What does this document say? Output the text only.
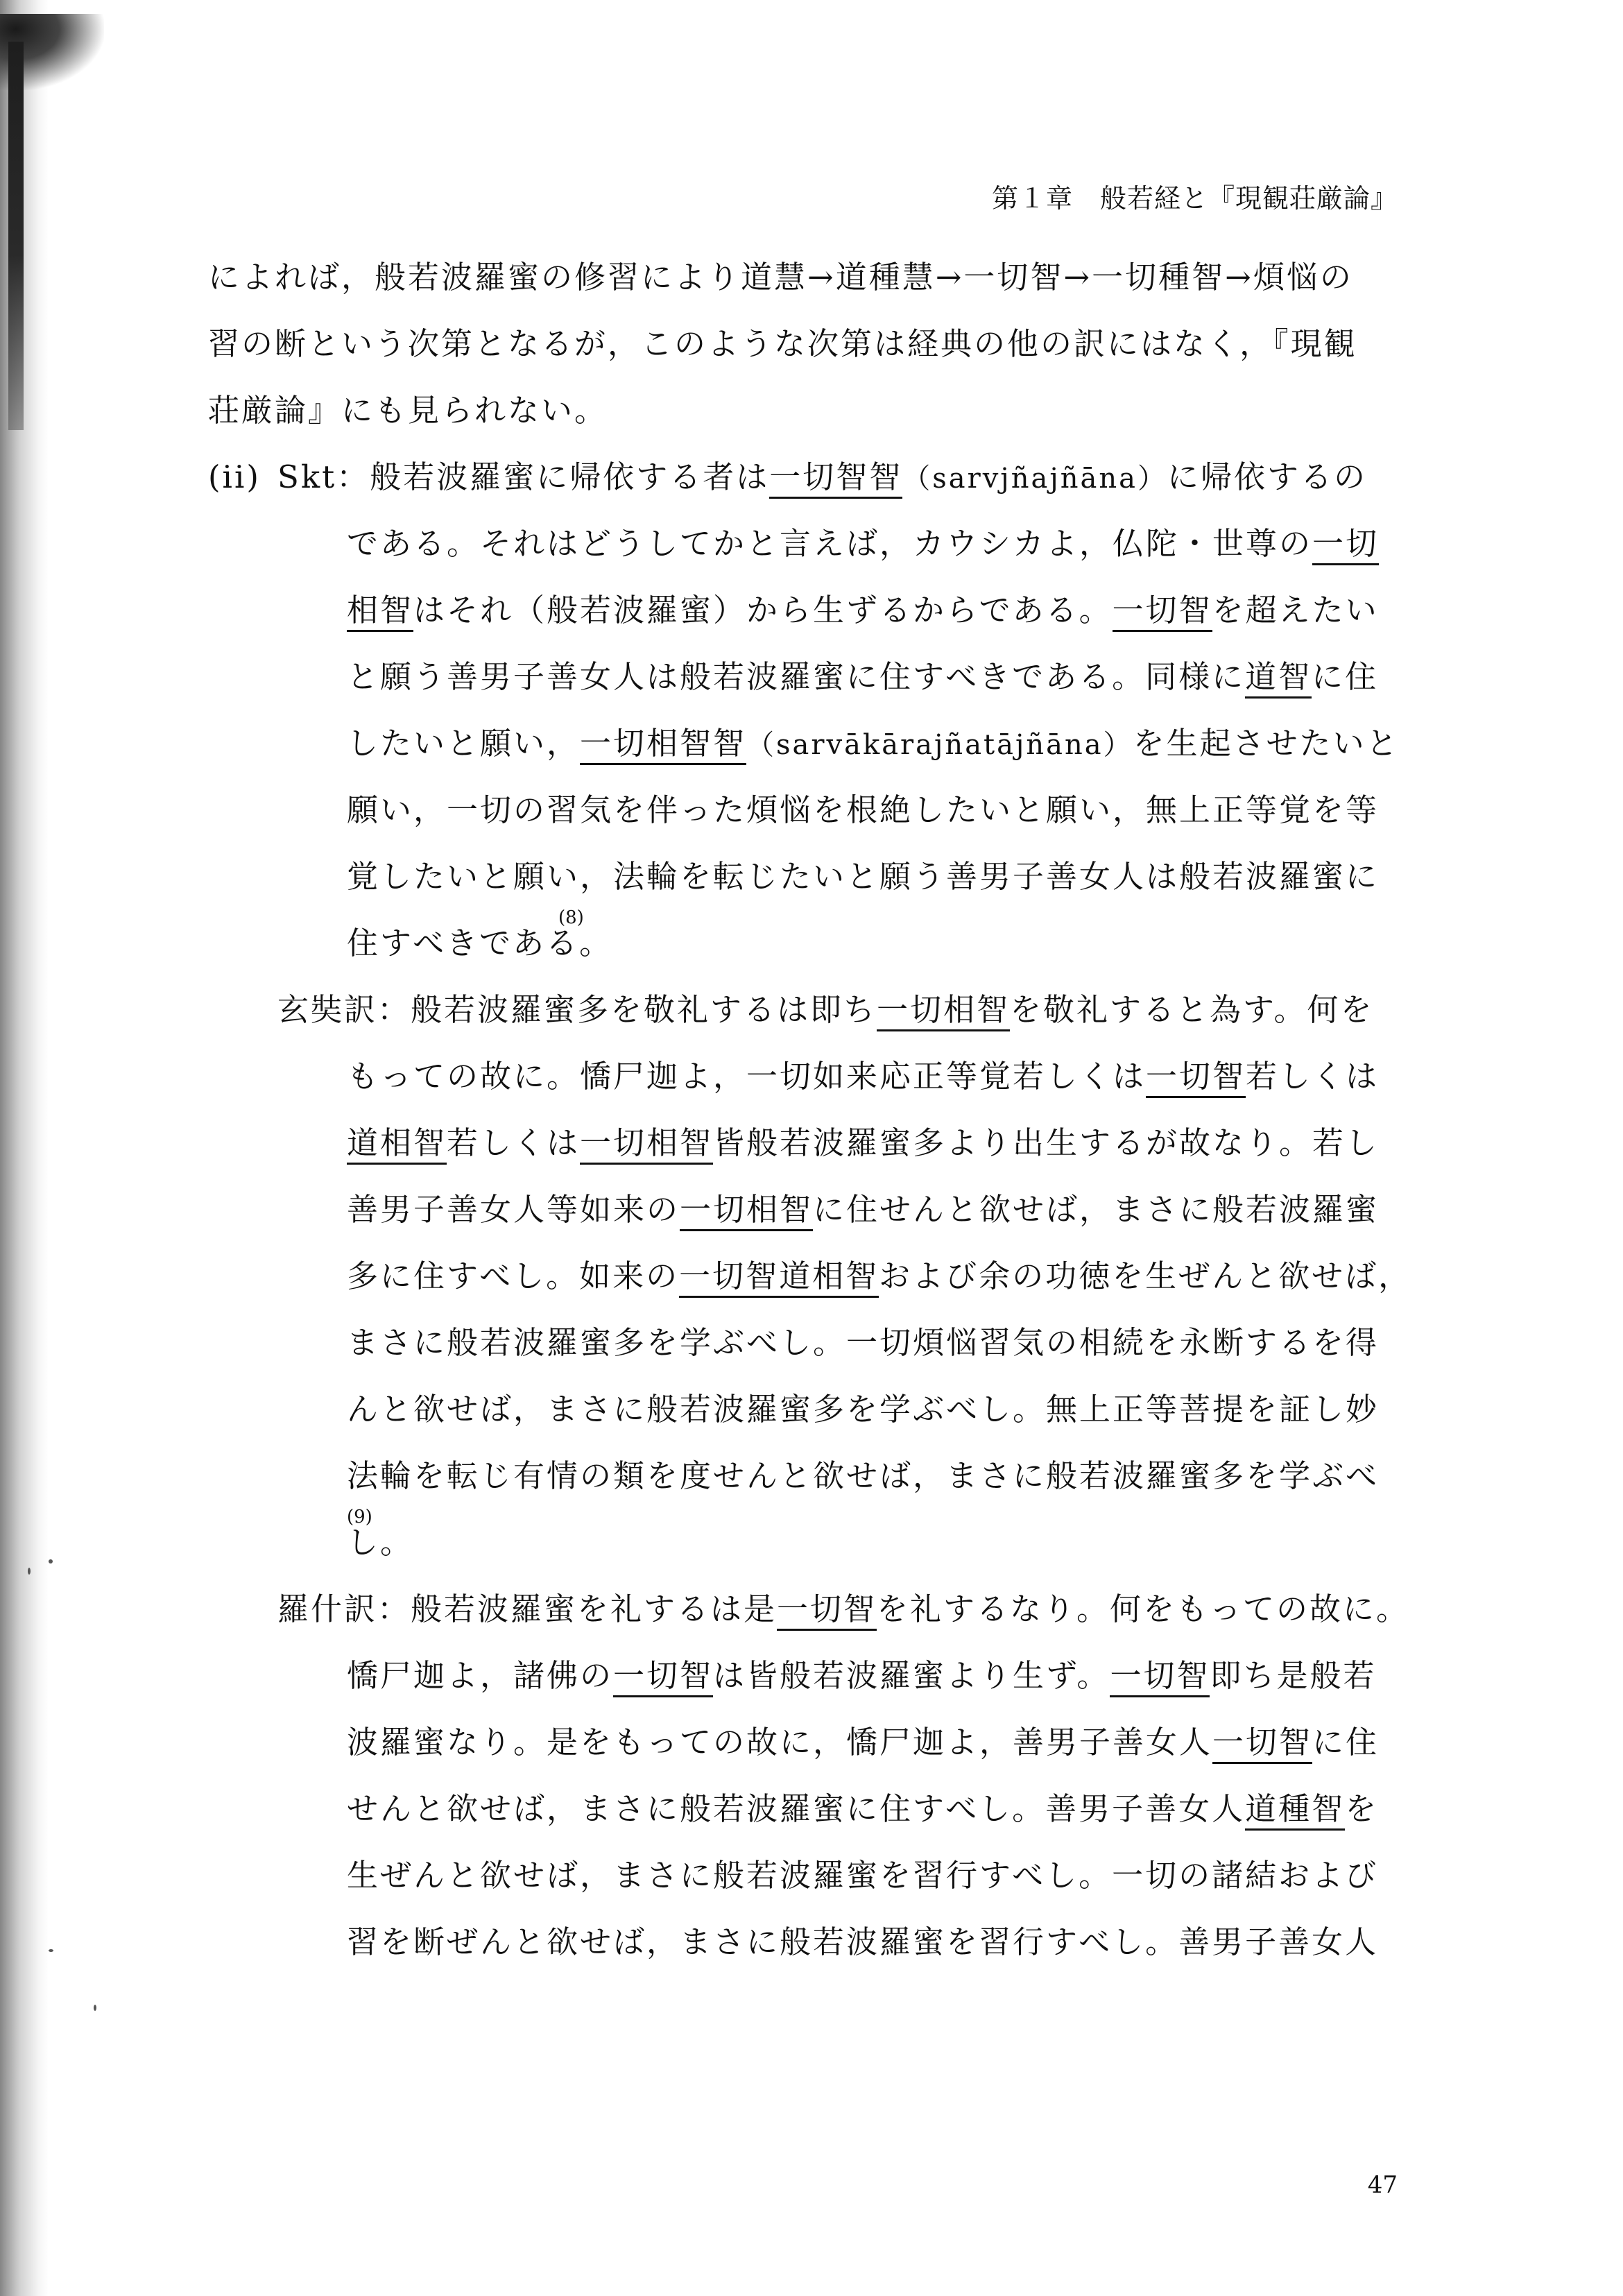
第１章　般若経と『現観荘厳論』
によれば，般若波羅蜜の修習により道慧→道種慧→一切智→一切種智→煩悩の
習の断という次第となるが，このような次第は経典の他の訳にはなく，『現観
荘厳論』にも見られない。
(ii) Skt：般若波羅蜜に帰依する者は一切智智（sarvjñajñāna）に帰依するの
である。それはどうしてかと言えば，カウシカよ，仏陀・世尊の一切
相智はそれ（般若波羅蜜）から生ずるからである。一切智を超えたい
と願う善男子善女人は般若波羅蜜に住すべきである。同様に道智に住
したいと願い，一切相智智（sarvākārajñatājñāna）を生起させたいと
願い，一切の習気を伴った煩悩を根絶したいと願い，無上正等覚を等
覚したいと願い，法輪を転じたいと願う善男子善女人は般若波羅蜜に
住すべきである。
(8)
玄奘訳：般若波羅蜜多を敬礼するは即ち一切相智を敬礼すると為す。何を
もっての故に。憍尸迦よ，一切如来応正等覚若しくは一切智若しくは
道相智若しくは一切相智皆般若波羅蜜多より出生するが故なり。若し
善男子善女人等如来の一切相智に住せんと欲せば，まさに般若波羅蜜
多に住すべし。如来の一切智道相智および余の功徳を生ぜんと欲せば，
まさに般若波羅蜜多を学ぶべし。一切煩悩習気の相続を永断するを得
んと欲せば，まさに般若波羅蜜多を学ぶべし。無上正等菩提を証し妙
法輪を転じ有情の類を度せんと欲せば，まさに般若波羅蜜多を学ぶべ
し。
(9)
羅什訳：般若波羅蜜を礼するは是一切智を礼するなり。何をもっての故に。
憍尸迦よ，諸佛の一切智は皆般若波羅蜜より生ず。一切智即ち是般若
波羅蜜なり。是をもっての故に，憍尸迦よ，善男子善女人一切智に住
せんと欲せば，まさに般若波羅蜜に住すべし。善男子善女人道種智を
生ぜんと欲せば，まさに般若波羅蜜を習行すべし。一切の諸結および
習を断ぜんと欲せば，まさに般若波羅蜜を習行すべし。善男子善女人
47
